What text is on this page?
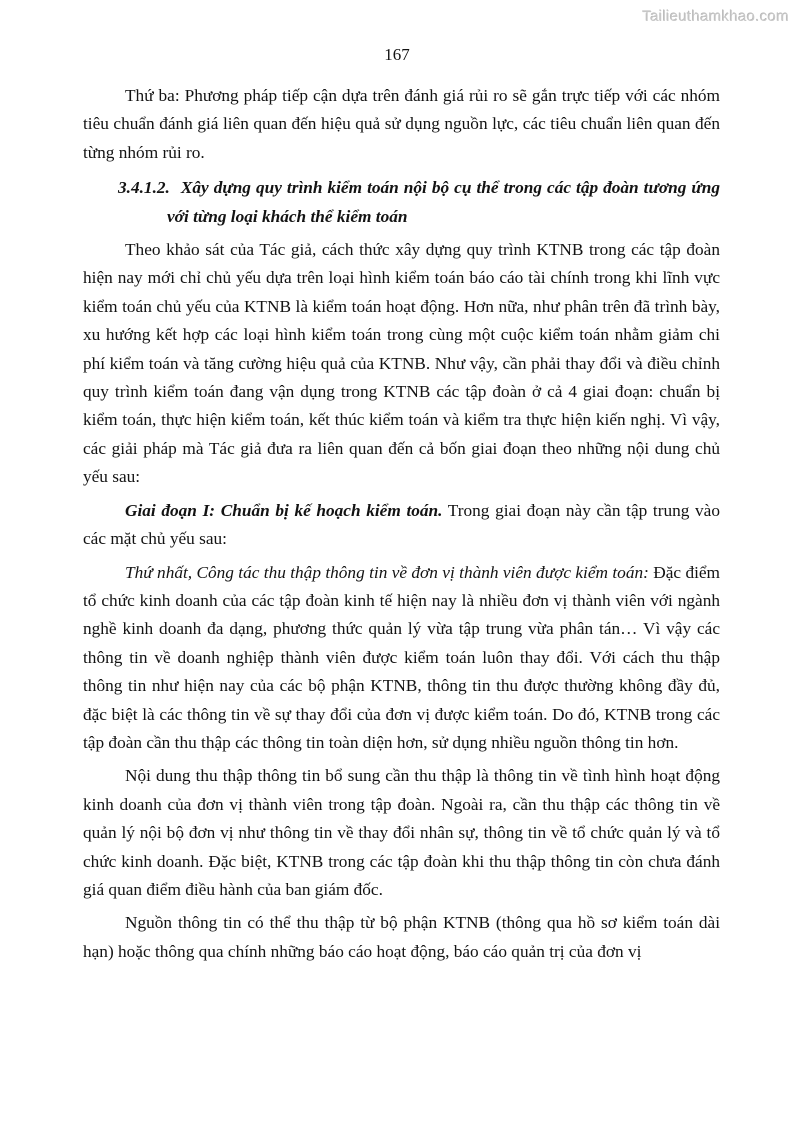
Tailieuthamkhao.com
167

Thứ ba: Phương pháp tiếp cận dựa trên đánh giá rủi ro sẽ gắn trực tiếp với các nhóm tiêu chuẩn đánh giá liên quan đến hiệu quả sử dụng nguồn lực, các tiêu chuẩn liên quan đến từng nhóm rủi ro.

3.4.1.2. Xây dựng quy trình kiểm toán nội bộ cụ thể trong các tập đoàn tương ứng với từng loại khách thể kiểm toán

Theo khảo sát của Tác giả, cách thức xây dựng quy trình KTNB trong các tập đoàn hiện nay mới chỉ chủ yếu dựa trên loại hình kiểm toán báo cáo tài chính trong khi lĩnh vực kiểm toán chủ yếu của KTNB là kiểm toán hoạt động. Hơn nữa, như phân trên đã trình bày, xu hướng kết hợp các loại hình kiểm toán trong cùng một cuộc kiểm toán nhằm giảm chi phí kiểm toán và tăng cường hiệu quả của KTNB. Như vậy, cần phải thay đổi và điều chỉnh quy trình kiểm toán đang vận dụng trong KTNB các tập đoàn ở cả 4 giai đoạn: chuẩn bị kiểm toán, thực hiện kiểm toán, kết thúc kiểm toán và kiểm tra thực hiện kiến nghị. Vì vậy, các giải pháp mà Tác giả đưa ra liên quan đến cả bốn giai đoạn theo những nội dung chủ yếu sau:

Giai đoạn I: Chuẩn bị kế hoạch kiểm toán. Trong giai đoạn này cần tập trung vào các mặt chủ yếu sau:

Thứ nhất, Công tác thu thập thông tin về đơn vị thành viên được kiểm toán: Đặc điểm tổ chức kinh doanh của các tập đoàn kinh tế hiện nay là nhiều đơn vị thành viên với ngành nghề kinh doanh đa dạng, phương thức quản lý vừa tập trung vừa phân tán… Vì vậy các thông tin về doanh nghiệp thành viên được kiểm toán luôn thay đổi. Với cách thu thập thông tin như hiện nay của các bộ phận KTNB, thông tin thu được thường không đầy đủ, đặc biệt là các thông tin về sự thay đổi của đơn vị được kiểm toán. Do đó, KTNB trong các tập đoàn cần thu thập các thông tin toàn diện hơn, sử dụng nhiều nguồn thông tin hơn.

Nội dung thu thập thông tin bổ sung cần thu thập là thông tin về tình hình hoạt động kinh doanh của đơn vị thành viên trong tập đoàn. Ngoài ra, cần thu thập các thông tin về quản lý nội bộ đơn vị như thông tin về thay đổi nhân sự, thông tin về tổ chức quản lý và tổ chức kinh doanh. Đặc biệt, KTNB trong các tập đoàn khi thu thập thông tin còn chưa đánh giá quan điểm điều hành của ban giám đốc.

Nguồn thông tin có thể thu thập từ bộ phận KTNB (thông qua hồ sơ kiểm toán dài hạn) hoặc thông qua chính những báo cáo hoạt động, báo cáo quản trị của đơn vị
